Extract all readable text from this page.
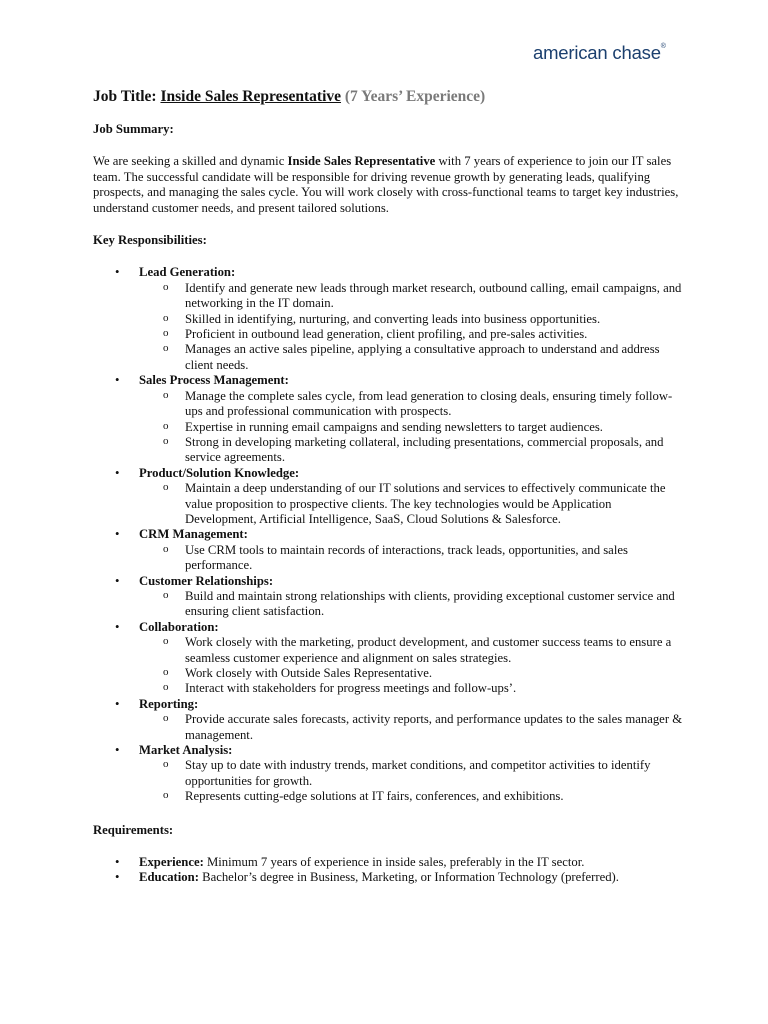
american chase®
Job Title: Inside Sales Representative (7 Years’ Experience)
Job Summary:

We are seeking a skilled and dynamic Inside Sales Representative with 7 years of experience to join our IT sales team. The successful candidate will be responsible for driving revenue growth by generating leads, qualifying prospects, and managing the sales cycle. You will work closely with cross-functional teams to target key industries, understand customer needs, and present tailored solutions.

Key Responsibilities:
• Lead Generation:
o Identify and generate new leads through market research, outbound calling, email campaigns, and networking in the IT domain.
o Skilled in identifying, nurturing, and converting leads into business opportunities.
o Proficient in outbound lead generation, client profiling, and pre-sales activities.
o Manages an active sales pipeline, applying a consultative approach to understand and address client needs.
• Sales Process Management:
o Manage the complete sales cycle, from lead generation to closing deals, ensuring timely follow-ups and professional communication with prospects.
o Expertise in running email campaigns and sending newsletters to target audiences.
o Strong in developing marketing collateral, including presentations, commercial proposals, and service agreements.
• Product/Solution Knowledge:
o Maintain a deep understanding of our IT solutions and services to effectively communicate the value proposition to prospective clients. The key technologies would be Application Development, Artificial Intelligence, SaaS, Cloud Solutions & Salesforce.
• CRM Management:
o Use CRM tools to maintain records of interactions, track leads, opportunities, and sales performance.
• Customer Relationships:
o Build and maintain strong relationships with clients, providing exceptional customer service and ensuring client satisfaction.
• Collaboration:
o Work closely with the marketing, product development, and customer success teams to ensure a seamless customer experience and alignment on sales strategies.
o Work closely with Outside Sales Representative.
o Interact with stakeholders for progress meetings and follow-ups’.
• Reporting:
o Provide accurate sales forecasts, activity reports, and performance updates to the sales manager & management.
• Market Analysis:
o Stay up to date with industry trends, market conditions, and competitor activities to identify opportunities for growth.
o Represents cutting-edge solutions at IT fairs, conferences, and exhibitions.
Requirements:
• Experience: Minimum 7 years of experience in inside sales, preferably in the IT sector.
• Education: Bachelor’s degree in Business, Marketing, or Information Technology (preferred).
